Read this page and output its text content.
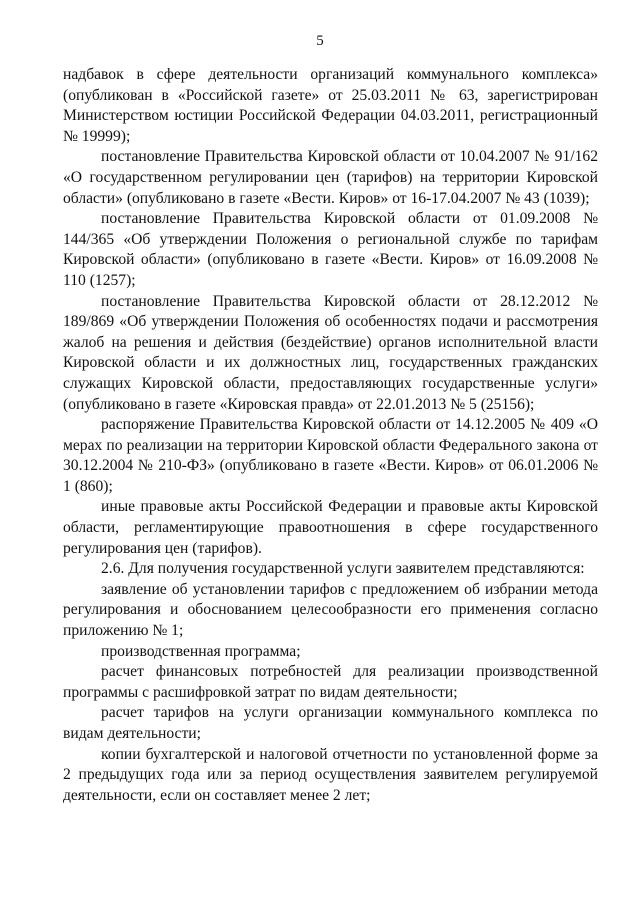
5

надбавок в сфере деятельности организаций коммунального комплекса» (опубликован в «Российской газете» от 25.03.2011 № 63, зарегистрирован Министерством юстиции Российской Федерации 04.03.2011, регистрационный № 19999);

постановление Правительства Кировской области от 10.04.2007 № 91/162 «О государственном регулировании цен (тарифов) на территории Кировской области» (опубликовано в газете «Вести. Киров» от 16-17.04.2007 № 43 (1039);

постановление Правительства Кировской области от 01.09.2008 № 144/365 «Об утверждении Положения о региональной службе по тарифам Кировской области» (опубликовано в газете «Вести. Киров» от 16.09.2008 № 110 (1257);

постановление Правительства Кировской области от 28.12.2012 № 189/869 «Об утверждении Положения об особенностях подачи и рассмотрения жалоб на решения и действия (бездействие) органов исполнительной власти Кировской области и их должностных лиц, государственных гражданских служащих Кировской области, предоставляющих государственные услуги» (опубликовано в газете «Кировская правда» от 22.01.2013 № 5 (25156);

распоряжение Правительства Кировской области от 14.12.2005 № 409 «О мерах по реализации на территории Кировской области Федерального закона от 30.12.2004 № 210-ФЗ» (опубликовано в газете «Вести. Киров» от 06.01.2006 № 1 (860);

иные правовые акты Российской Федерации и правовые акты Кировской области, регламентирующие правоотношения в сфере государственного регулирования цен (тарифов).

2.6. Для получения государственной услуги заявителем представляются:

заявление об установлении тарифов с предложением об избрании метода регулирования и обоснованием целесообразности его применения согласно приложению № 1;

производственная программа;

расчет финансовых потребностей для реализации производственной программы с расшифровкой затрат по видам деятельности;

расчет тарифов на услуги организации коммунального комплекса по видам деятельности;

копии бухгалтерской и налоговой отчетности по установленной форме за 2 предыдущих года или за период осуществления заявителем регулируемой деятельности, если он составляет менее 2 лет;
